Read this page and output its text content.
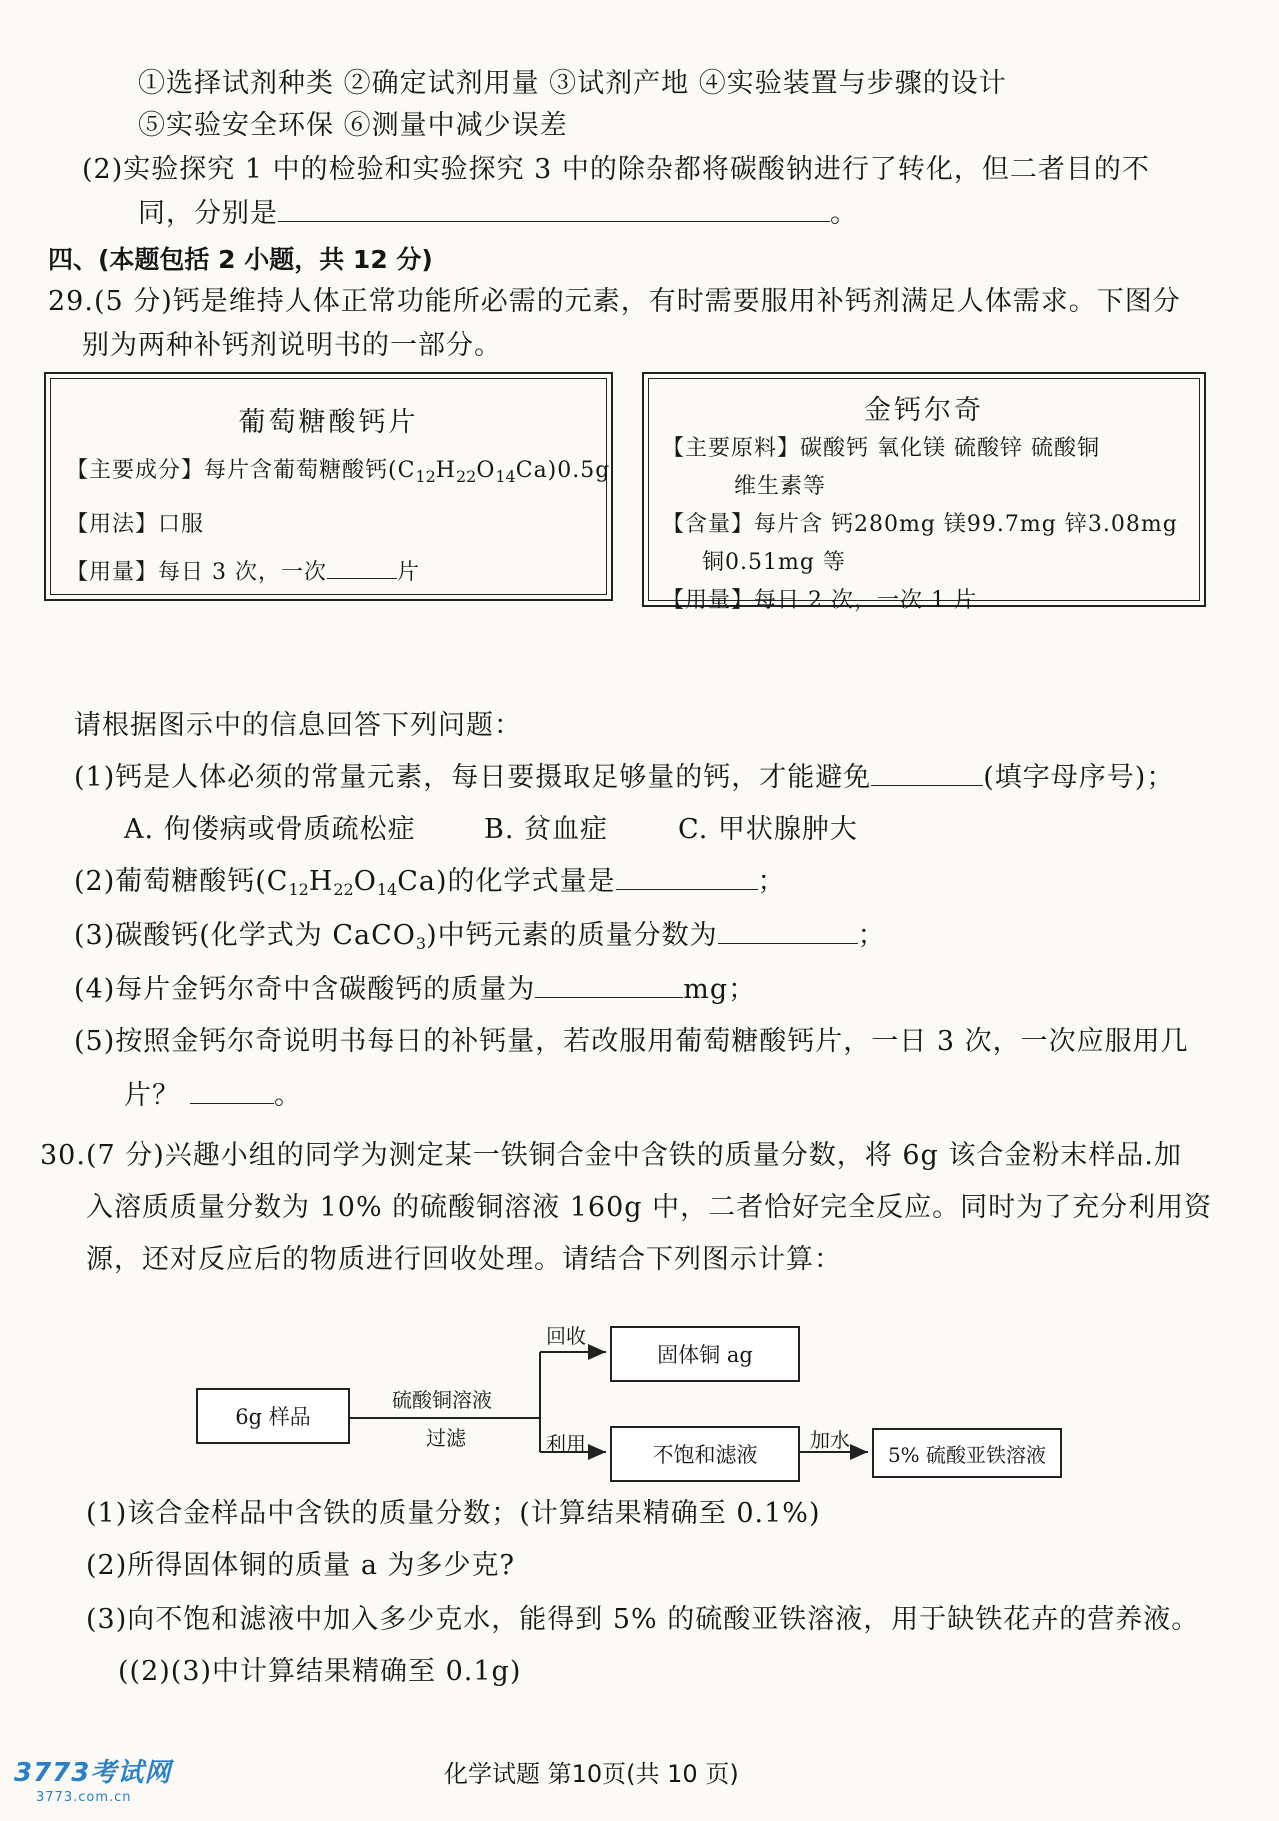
①选择试剂种类 ②确定试剂用量 ③试剂产地 ④实验装置与步骤的设计
⑤实验安全环保 ⑥测量中减少误差
(2)实验探究 1 中的检验和实验探究 3 中的除杂都将碳酸钠进行了转化，但二者目的不
同，分别是	。
四、(本题包括 2 小题，共 12 分)
29.(5 分)钙是维持人体正常功能所必需的元素，有时需要服用补钙剂满足人体需求。下图分
别为两种补钙剂说明书的一部分。
葡萄糖酸钙片
【主要成分】每片含葡萄糖酸钙$(C_{12}H_{22}O_{14}Ca)0.5g$
【用法】口服
【用量】每日 3 次，一次	片
金钙尔奇
【主要原料】碳酸钙 氧化镁 硫酸锌 硫酸铜
维生素等
【含量】每片含 钙280mg 镁99.7mg 锌3.08mg
铜0.51mg 等
【用量】每日 2 次，一次 1 片
请根据图示中的信息回答下列问题：
(1)钙是人体必须的常量元素，每日要摄取足够量的钙，才能避免	(填字母序号)；
A. 佝偻病或骨质疏松症	B. 贫血症	C. 甲状腺肿大
(2)葡萄糖酸钙$(C_{12}H_{22}O_{14}Ca)$的化学式量是	；
(3)碳酸钙(化学式为 CaCO$_3$)中钙元素的质量分数为	；
(4)每片金钙尔奇中含碳酸钙的质量为	mg；
(5)按照金钙尔奇说明书每日的补钙量，若改服用葡萄糖酸钙片，一日 3 次，一次应服用几
片？	。
30.(7 分)兴趣小组的同学为测定某一铁铜合金中含铁的质量分数，将 6g 该合金粉末样品.加
入溶质质量分数为 10% 的硫酸铜溶液 160g 中，二者恰好完全反应。同时为了充分利用资
源，还对反应后的物质进行回收处理。请结合下列图示计算：
6g 样品
硫酸铜溶液
过滤
回收
固体铜 ag
利用	不饱和滤液
加水
5% 硫酸亚铁溶液
(1)该合金样品中含铁的质量分数；(计算结果精确至 0.1%)
(2)所得固体铜的质量 a 为多少克?
(3)向不饱和滤液中加入多少克水，能得到 5% 的硫酸亚铁溶液，用于缺铁花卉的营养液。
((2)(3)中计算结果精确至 0.1g)
化学试题 第10页(共 10 页)
3773考试网
3773.com.cn
